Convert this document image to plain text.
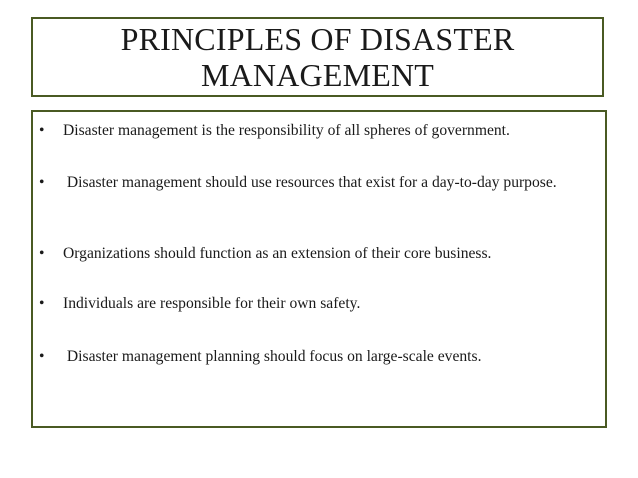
PRINCIPLES OF DISASTER MANAGEMENT
•	Disaster management is the responsibility of all spheres of government.
•	Disaster management should use resources that exist for a day-to-day purpose.
•	Organizations should function as an extension of their core business.
•	Individuals are responsible for their own safety.
•	Disaster management planning should focus on large-scale events.
